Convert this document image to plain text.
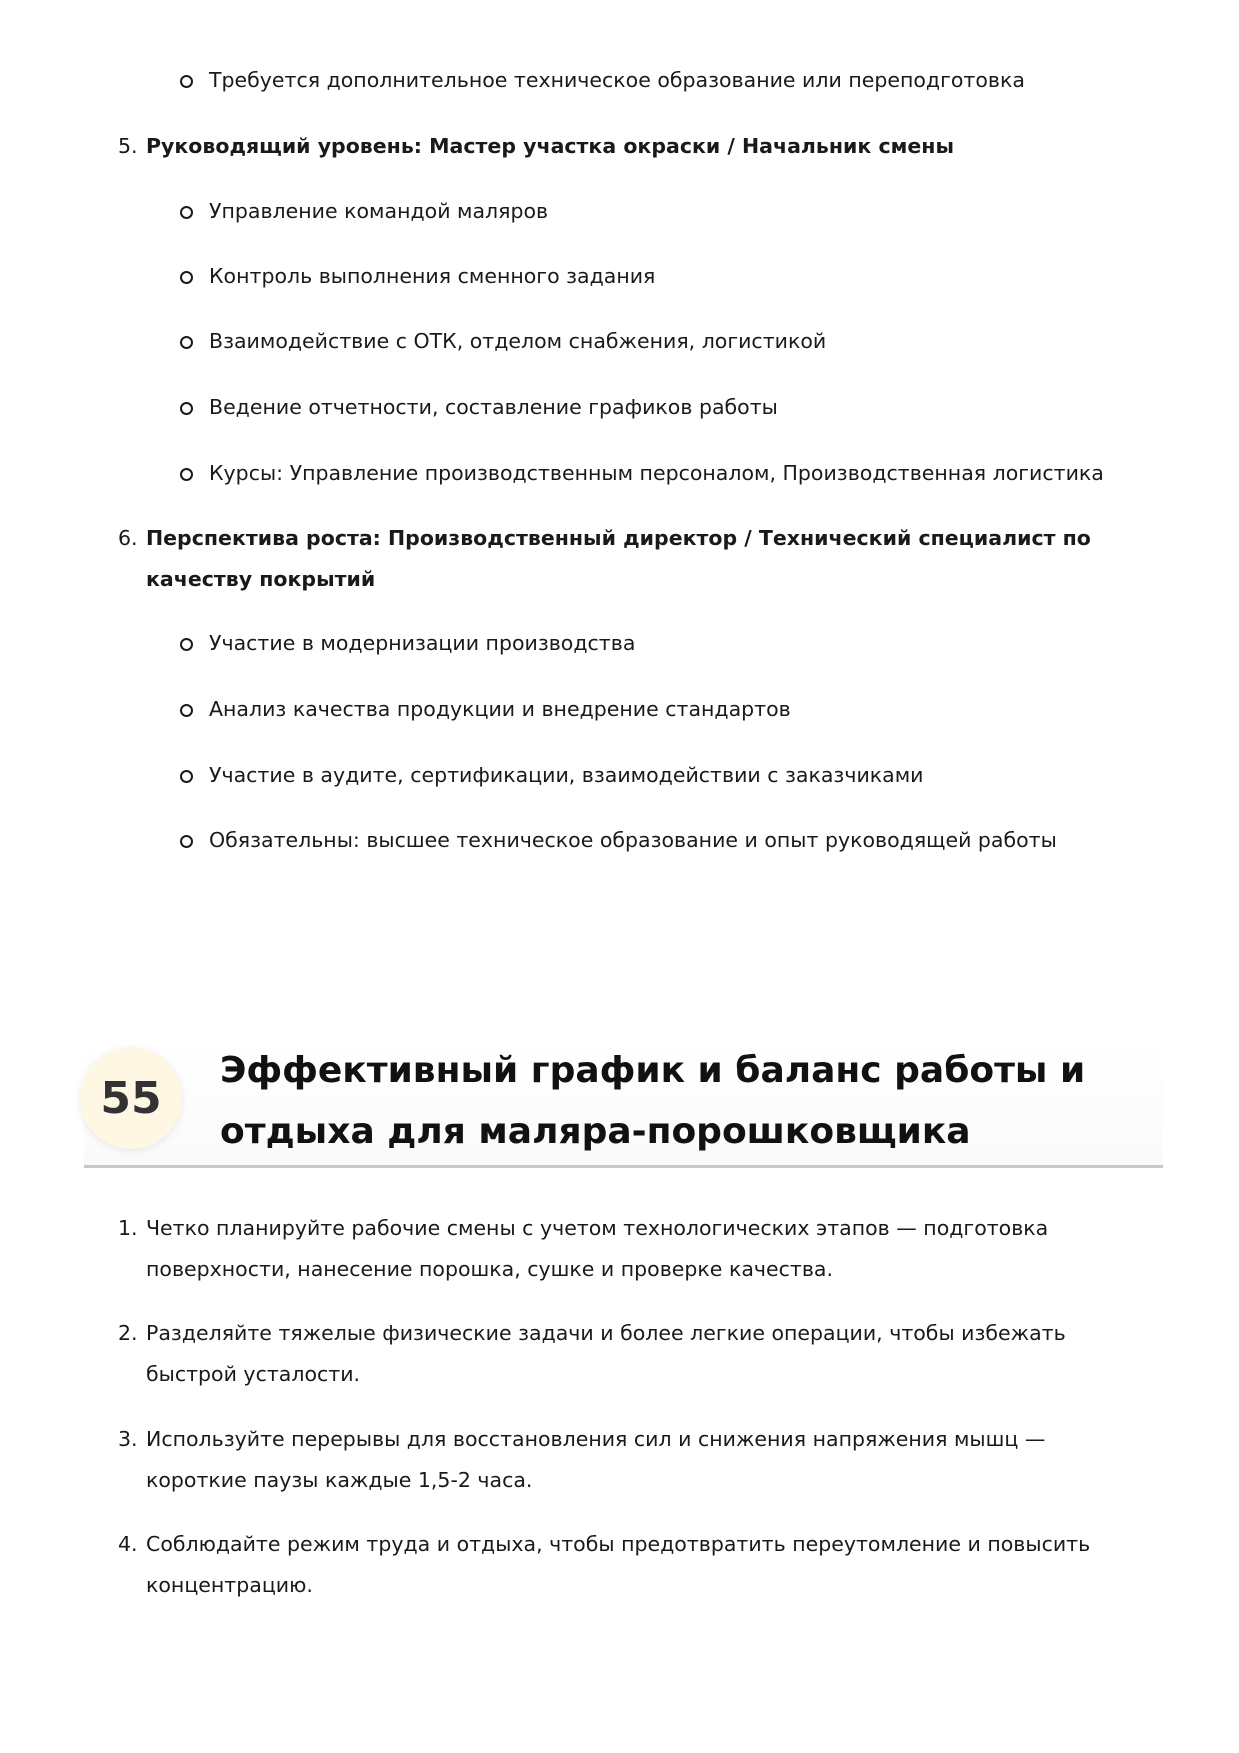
Требуется дополнительное техническое образование или переподготовка
5. Руководящий уровень: Мастер участка окраски / Начальник смены
Управление командой маляров
Контроль выполнения сменного задания
Взаимодействие с ОТК, отделом снабжения, логистикой
Ведение отчетности, составление графиков работы
Курсы: Управление производственным персоналом, Производственная логистика
6. Перспектива роста: Производственный директор / Технический специалист по качеству покрытий
Участие в модернизации производства
Анализ качества продукции и внедрение стандартов
Участие в аудите, сертификации, взаимодействии с заказчиками
Обязательны: высшее техническое образование и опыт руководящей работы
55
Эффективный график и баланс работы и отдыха для маляра-порошковщика
1. Четко планируйте рабочие смены с учетом технологических этапов — подготовка поверхности, нанесение порошка, сушке и проверке качества.
2. Разделяйте тяжелые физические задачи и более легкие операции, чтобы избежать быстрой усталости.
3. Используйте перерывы для восстановления сил и снижения напряжения мышц — короткие паузы каждые 1,5-2 часа.
4. Соблюдайте режим труда и отдыха, чтобы предотвратить переутомление и повысить концентрацию.
